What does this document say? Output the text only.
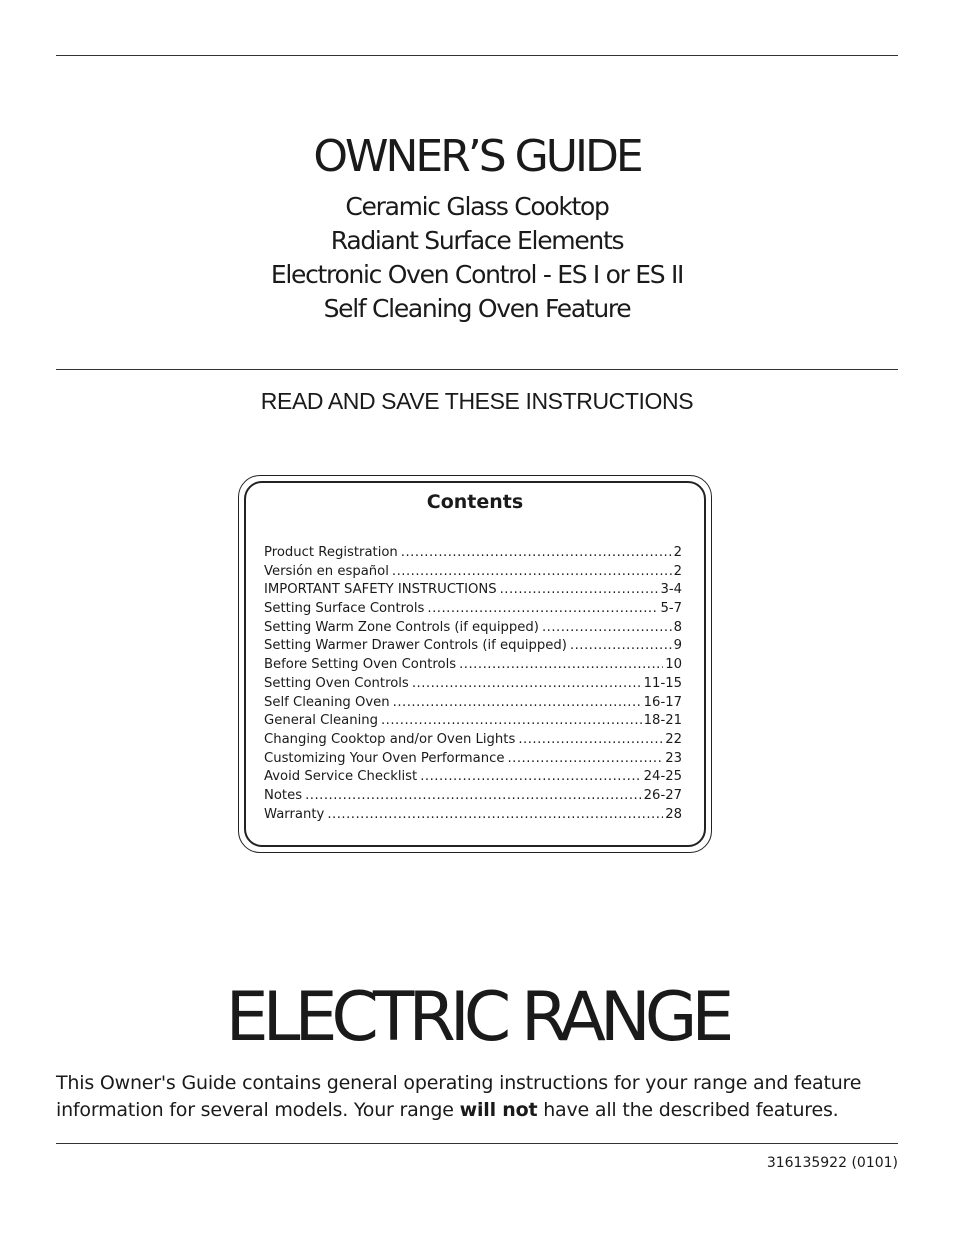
OWNER’S GUIDE
Ceramic Glass Cooktop
Radiant Surface Elements
Electronic Oven Control - ES I or ES II
Self Cleaning Oven Feature
READ AND SAVE THESE INSTRUCTIONS
Contents
Product Registration .....	2
Versión en español .....	2
IMPORTANT SAFETY INSTRUCTIONS .....	3-4
Setting Surface Controls .....	5-7
Setting Warm Zone Controls (if equipped) .....	8
Setting Warmer Drawer Controls (if equipped) .....	9
Before Setting Oven Controls .....	10
Setting Oven Controls .....	11-15
Self Cleaning Oven .....	16-17
General Cleaning .....	18-21
Changing Cooktop and/or Oven Lights .....	22
Customizing Your Oven Performance .....	23
Avoid Service Checklist .....	24-25
Notes .....	26-27
Warranty .....	28
ELECTRIC RANGE
This Owner's Guide contains general operating instructions for your range and feature information for several models. Your range will not have all the described features.
316135922 (0101)
